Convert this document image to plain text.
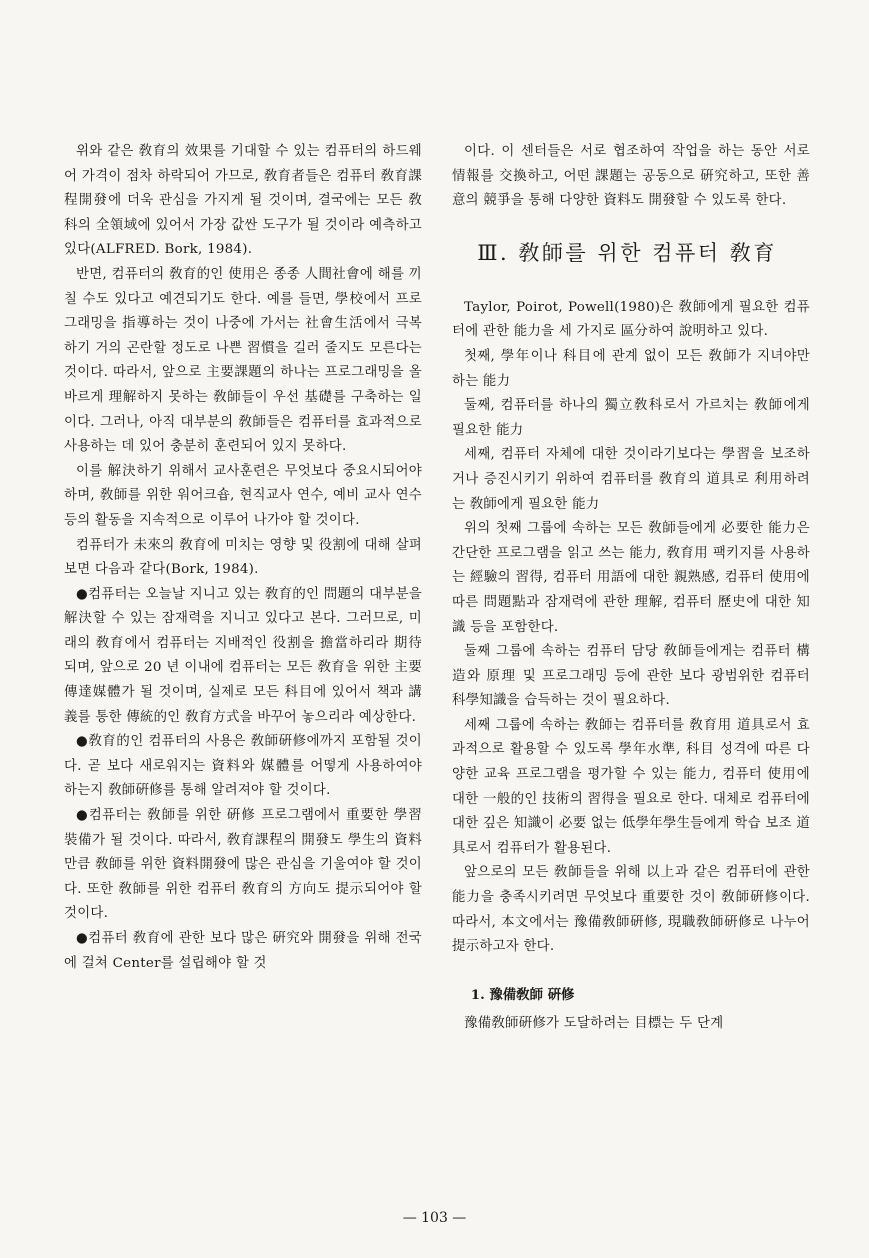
위와 같은 敎育의 效果를 기대할 수 있는 컴퓨터의 하드웨어 가격이 점차 하락되어 가므로, 敎育者들은 컴퓨터 敎育課程開發에 더욱 관심을 가지게 될 것이며, 결국에는 모든 敎科의 全領域에 있어서 가장 값싼 도구가 될 것이라 예측하고 있다(ALFRED. Bork, 1984).

반면, 컴퓨터의 敎育的인 使用은 종종 人間社會에 해를 끼칠 수도 있다고 예견되기도 한다. 예를 들면, 學校에서 프로그래밍을 指導하는 것이 나중에 가서는 社會生活에서 극복하기 거의 곤란할 정도로 나쁜 習慣을 길러 줄지도 모른다는 것이다. 따라서, 앞으로 主要課題의 하나는 프로그래밍을 올바르게 理解하지 못하는 敎師들이 우선 基礎를 구축하는 일이다. 그러나, 아직 대부분의 敎師들은 컴퓨터를 효과적으로 사용하는 데 있어 충분히 훈련되어 있지 못하다.

이를 解決하기 위해서 교사훈련은 무엇보다 중요시되어야 하며, 敎師를 위한 워어크숍, 현직교사 연수, 예비 교사 연수 등의 활동을 지속적으로 이루어 나가야 할 것이다.

컴퓨터가 未來의 敎育에 미치는 영향 및 役割에 대해 살펴보면 다음과 같다(Bork, 1984).

●컴퓨터는 오늘날 지니고 있는 敎育的인 問題의 대부분을 解決할 수 있는 잠재력을 지니고 있다고 본다. 그러므로, 미래의 敎育에서 컴퓨터는 지배적인 役割을 擔當하리라 期待되며, 앞으로 20 년 이내에 컴퓨터는 모든 敎育을 위한 主要傳達媒體가 될 것이며, 실제로 모든 科目에 있어서 책과 講義를 통한 傳統的인 敎育方式을 바꾸어 놓으리라 예상한다.

●敎育的인 컴퓨터의 사용은 敎師硏修에까지 포함될 것이다. 곧 보다 새로워지는 資料와 媒體를 어떻게 사용하여야 하는지 敎師硏修를 통해 알려져야 할 것이다.

●컴퓨터는 敎師를 위한 硏修 프로그램에서 重要한 學習裝備가 될 것이다. 따라서, 敎育課程의 開發도 學生의 資料만큼 敎師를 위한 資料開發에 많은 관심을 기울여야 할 것이다. 또한 敎師를 위한 컴퓨터 敎育의 方向도 提示되어야 할 것이다.

●컴퓨터 敎育에 관한 보다 많은 硏究와 開發을 위해 전국에 걸쳐 Center를 설립해야 할 것

이다. 이 센터들은 서로 협조하여 작업을 하는 동안 서로 情報를 交換하고, 어떤 課題는 공동으로 硏究하고, 또한 善意의 競爭을 통해 다양한 資料도 開發할 수 있도록 한다.

Ⅲ. 敎師를 위한 컴퓨터 敎育

Taylor, Poirot, Powell(1980)은 敎師에게 필요한 컴퓨터에 관한 能力을 세 가지로 區分하여 說明하고 있다.

첫째, 學年이나 科目에 관계 없이 모든 敎師가 지녀야만 하는 能力

둘째, 컴퓨터를 하나의 獨立敎科로서 가르치는 敎師에게 필요한 能力

세째, 컴퓨터 자체에 대한 것이라기보다는 學習을 보조하거나 증진시키기 위하여 컴퓨터를 敎育의 道具로 利用하려는 敎師에게 필요한 能力

위의 첫째 그룹에 속하는 모든 敎師들에게 必要한 能力은 간단한 프로그램을 읽고 쓰는 能力, 敎育用 팩키지를 사용하는 經驗의 習得, 컴퓨터 用語에 대한 親熟感, 컴퓨터 使用에 따른 問題點과 잠재력에 관한 理解, 컴퓨터 歷史에 대한 知識 등을 포함한다.

둘째 그룹에 속하는 컴퓨터 담당 敎師들에게는 컴퓨터 構造와 原理 및 프로그래밍 등에 관한 보다 광범위한 컴퓨터 科學知識을 습득하는 것이 필요하다.

세째 그룹에 속하는 敎師는 컴퓨터를 敎育用 道具로서 효과적으로 활용할 수 있도록 學年水準, 科目 성격에 따른 다양한 교육 프로그램을 평가할 수 있는 能力, 컴퓨터 使用에 대한 一般的인 技術의 習得을 필요로 한다. 대체로 컴퓨터에 대한 깊은 知識이 必要 없는 低學年學生들에게 학습 보조 道具로서 컴퓨터가 활용된다.

앞으로의 모든 敎師들을 위해 以上과 같은 컴퓨터에 관한 能力을 충족시키려면 무엇보다 重要한 것이 敎師硏修이다. 따라서, 本文에서는 豫備敎師硏修, 現職敎師硏修로 나누어 提示하고자 한다.

1. 豫備敎師 硏修

豫備敎師硏修가 도달하려는 目標는 두 단계

— 103 —
